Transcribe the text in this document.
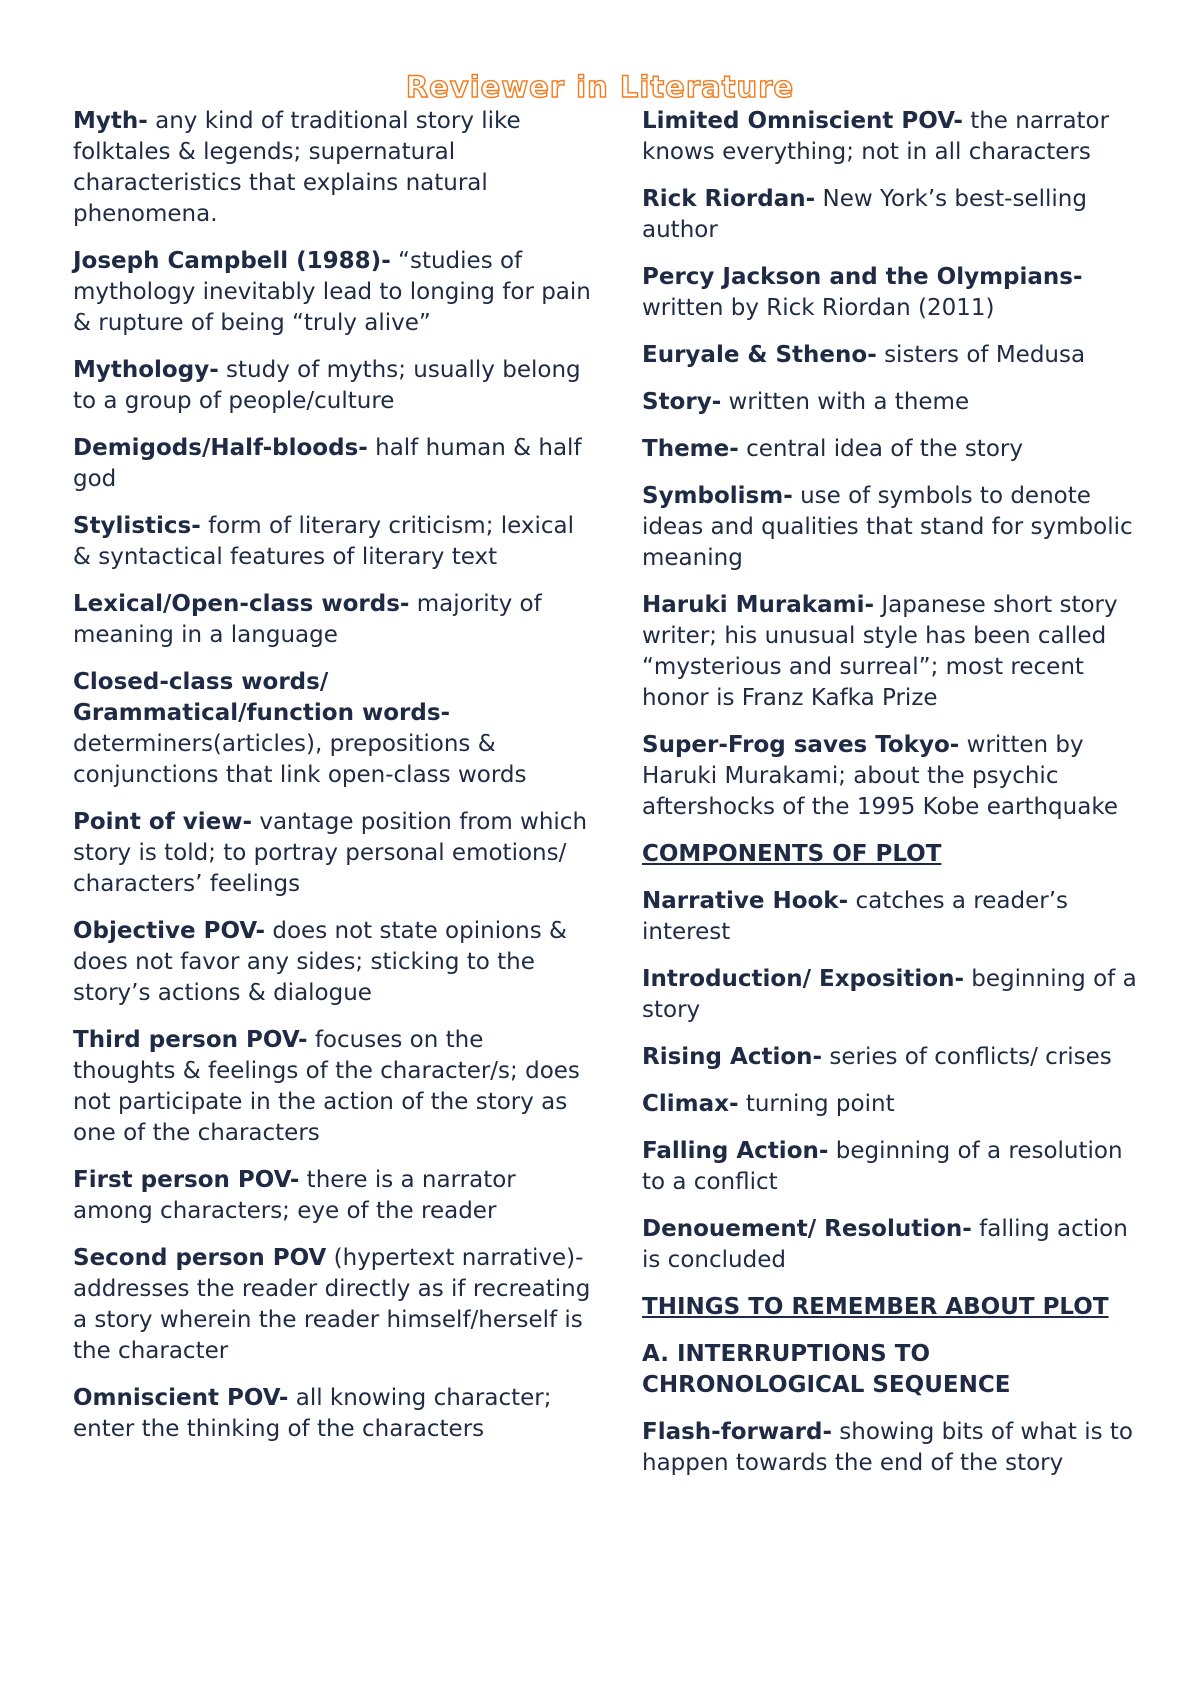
Reviewer in Literature

Myth- any kind of traditional story like folktales & legends; supernatural characteristics that explains natural phenomena.

Joseph Campbell (1988)- “studies of mythology inevitably lead to longing for pain & rupture of being “truly alive”

Mythology- study of myths; usually belong to a group of people/culture

Demigods/Half-bloods- half human & half god

Stylistics- form of literary criticism; lexical & syntactical features of literary text

Lexical/Open-class words- majority of meaning in a language

Closed-class words/ Grammatical/function words- determiners(articles), prepositions & conjunctions that link open-class words

Point of view- vantage position from which story is told; to portray personal emotions/ characters’ feelings

Objective POV- does not state opinions & does not favor any sides; sticking to the story’s actions & dialogue

Third person POV- focuses on the thoughts & feelings of the character/s; does not participate in the action of the story as one of the characters

First person POV- there is a narrator among characters; eye of the reader

Second person POV (hypertext narrative)- addresses the reader directly as if recreating a story wherein the reader himself/herself is the character

Omniscient POV- all knowing character; enter the thinking of the characters

Limited Omniscient POV- the narrator knows everything; not in all characters

Rick Riordan- New York’s best-selling author

Percy Jackson and the Olympians- written by Rick Riordan (2011)

Euryale & Stheno- sisters of Medusa

Story- written with a theme

Theme- central idea of the story

Symbolism- use of symbols to denote ideas and qualities that stand for symbolic meaning

Haruki Murakami- Japanese short story writer; his unusual style has been called “mysterious and surreal”; most recent honor is Franz Kafka Prize

Super-Frog saves Tokyo- written by Haruki Murakami; about the psychic aftershocks of the 1995 Kobe earthquake

COMPONENTS OF PLOT

Narrative Hook- catches a reader’s interest

Introduction/ Exposition- beginning of a story

Rising Action- series of conflicts/ crises

Climax- turning point

Falling Action- beginning of a resolution to a conflict

Denouement/ Resolution- falling action is concluded

THINGS TO REMEMBER ABOUT PLOT

A. INTERRUPTIONS TO CHRONOLOGICAL SEQUENCE

Flash-forward- showing bits of what is to happen towards the end of the story
